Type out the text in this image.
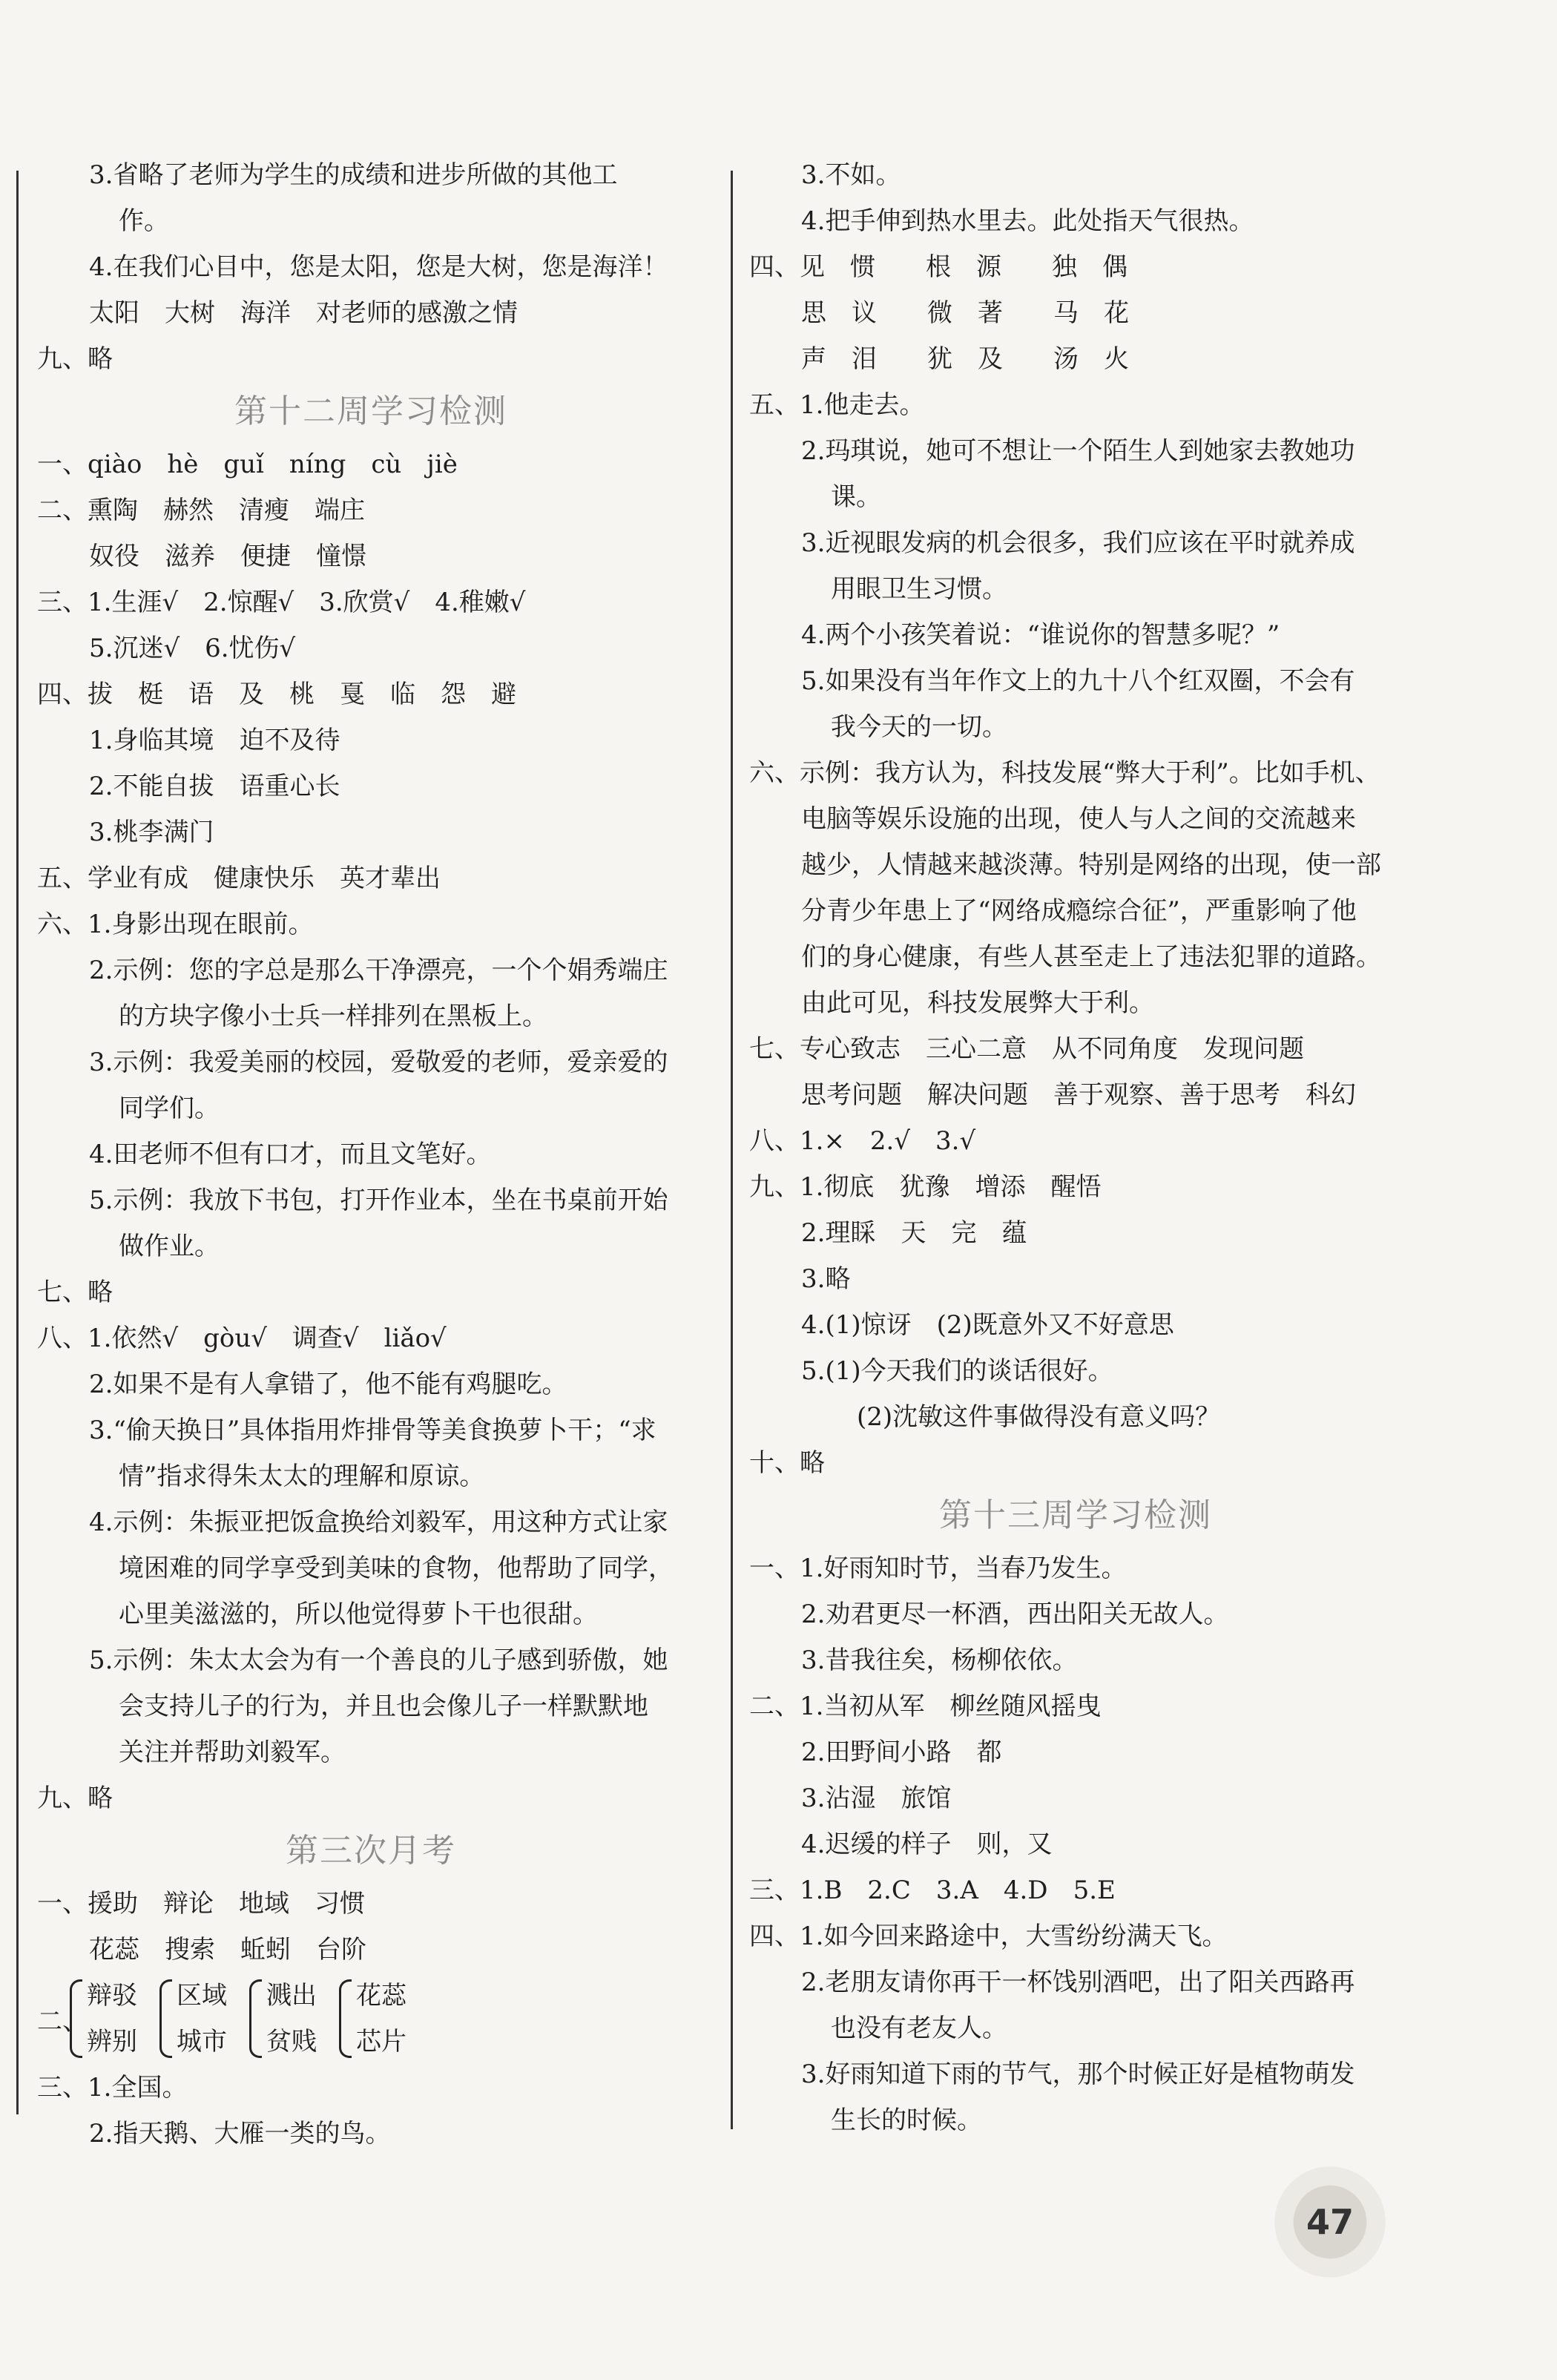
3.省略了老师为学生的成绩和进步所做的其他工
作。
4.在我们心目中，您是太阳，您是大树，您是海洋！
太阳　大树　海洋　对老师的感激之情
九、略
第十二周学习检测
一、qiào　hè　guǐ　níng　cù　jiè
二、熏陶　赫然　清瘦　端庄
奴役　滋养　便捷　憧憬
三、1.生涯√　2.惊醒√　3.欣赏√　4.稚嫩√
5.沉迷√　6.忧伤√
四、拔　梃　语　及　桃　戛　临　怨　避
1.身临其境　迫不及待
2.不能自拔　语重心长
3.桃李满门
五、学业有成　健康快乐　英才辈出
六、1.身影出现在眼前。
2.示例：您的字总是那么干净漂亮，一个个娟秀端庄
的方块字像小士兵一样排列在黑板上。
3.示例：我爱美丽的校园，爱敬爱的老师，爱亲爱的
同学们。
4.田老师不但有口才，而且文笔好。
5.示例：我放下书包，打开作业本，坐在书桌前开始
做作业。
七、略
八、1.依然√　gòu√　调查√　liǎo√
2.如果不是有人拿错了，他不能有鸡腿吃。
3.“偷天换日”具体指用炸排骨等美食换萝卜干；“求
情”指求得朱太太的理解和原谅。
4.示例：朱振亚把饭盒换给刘毅军，用这种方式让家
境困难的同学享受到美味的食物，他帮助了同学，
心里美滋滋的，所以他觉得萝卜干也很甜。
5.示例：朱太太会为有一个善良的儿子感到骄傲，她
会支持儿子的行为，并且也会像儿子一样默默地
关注并帮助刘毅军。
九、略
第三次月考
一、援助　辩论　地域　习惯
花蕊　搜索　蚯蚓　台阶
二、
辩驳
辨别
区域
城市
溅出
贫贱
花蕊
芯片
三、1.全国。
2.指天鹅、大雁一类的鸟。
3.不如。
4.把手伸到热水里去。此处指天气很热。
四、见　惯　　根　源　　独　偶
思　议　　微　著　　马　花
声　泪　　犹　及　　汤　火
五、1.他走去。
2.玛琪说，她可不想让一个陌生人到她家去教她功
课。
3.近视眼发病的机会很多，我们应该在平时就养成
用眼卫生习惯。
4.两个小孩笑着说：“谁说你的智慧多呢？”
5.如果没有当年作文上的九十八个红双圈，不会有
我今天的一切。
六、示例：我方认为，科技发展“弊大于利”。比如手机、
电脑等娱乐设施的出现，使人与人之间的交流越来
越少，人情越来越淡薄。特别是网络的出现，使一部
分青少年患上了“网络成瘾综合征”，严重影响了他
们的身心健康，有些人甚至走上了违法犯罪的道路。
由此可见，科技发展弊大于利。
七、专心致志　三心二意　从不同角度　发现问题
思考问题　解决问题　善于观察、善于思考　科幻
八、1.×　2.√　3.√
九、1.彻底　犹豫　增添　醒悟
2.理睬　天　完　蕴
3.略
4.(1)惊讶　(2)既意外又不好意思
5.(1)今天我们的谈话很好。
(2)沈敏这件事做得没有意义吗？
十、略
第十三周学习检测
一、1.好雨知时节，当春乃发生。
2.劝君更尽一杯酒，西出阳关无故人。
3.昔我往矣，杨柳依依。
二、1.当初从军　柳丝随风摇曳
2.田野间小路　都
3.沾湿　旅馆
4.迟缓的样子　则，又
三、1.B　2.C　3.A　4.D　5.E
四、1.如今回来路途中，大雪纷纷满天飞。
2.老朋友请你再干一杯饯别酒吧，出了阳关西路再
也没有老友人。
3.好雨知道下雨的节气，那个时候正好是植物萌发
生长的时候。
47
